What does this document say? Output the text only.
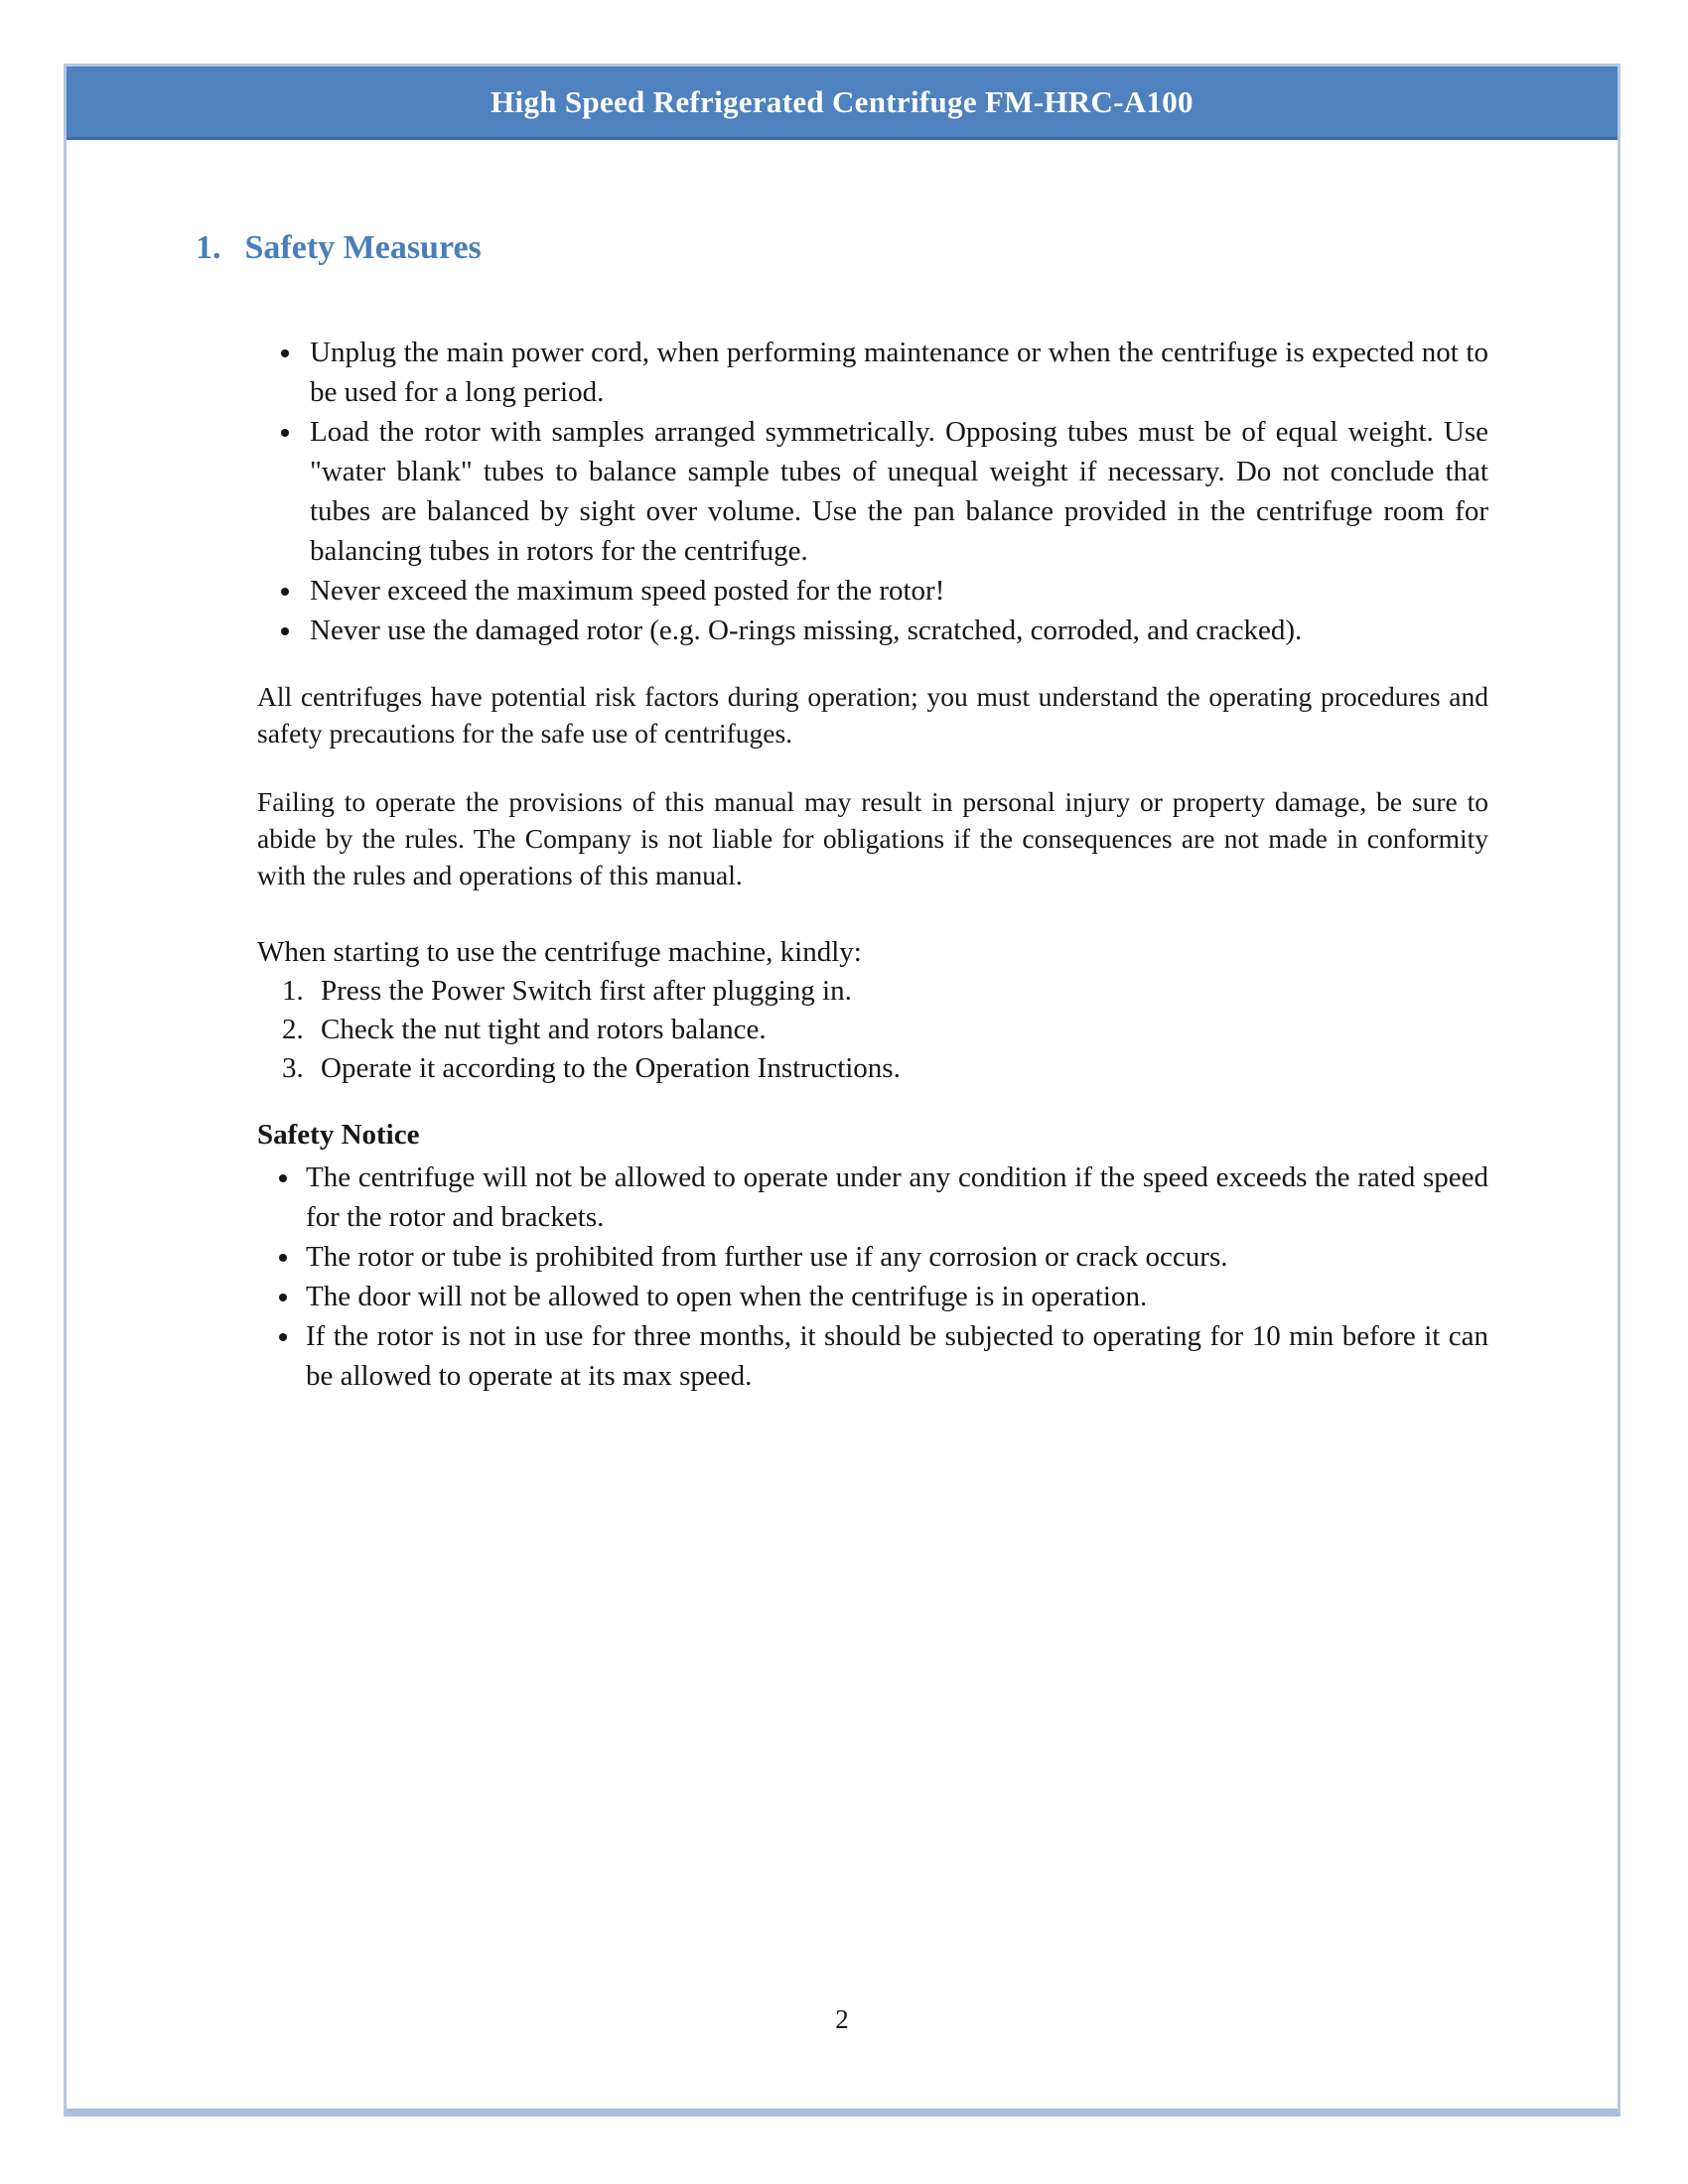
High Speed Refrigerated Centrifuge FM-HRC-A100
1. Safety Measures
• Unplug the main power cord, when performing maintenance or when the centrifuge is expected not to be used for a long period.
• Load the rotor with samples arranged symmetrically. Opposing tubes must be of equal weight. Use "water blank" tubes to balance sample tubes of unequal weight if necessary. Do not conclude that tubes are balanced by sight over volume. Use the pan balance provided in the centrifuge room for balancing tubes in rotors for the centrifuge.
• Never exceed the maximum speed posted for the rotor!
• Never use the damaged rotor (e.g. O-rings missing, scratched, corroded, and cracked).

All centrifuges have potential risk factors during operation; you must understand the operating procedures and safety precautions for the safe use of centrifuges.

Failing to operate the provisions of this manual may result in personal injury or property damage, be sure to abide by the rules. The Company is not liable for obligations if the consequences are not made in conformity with the rules and operations of this manual.

When starting to use the centrifuge machine, kindly:
1. Press the Power Switch first after plugging in.
2. Check the nut tight and rotors balance.
3. Operate it according to the Operation Instructions.
Safety Notice
• The centrifuge will not be allowed to operate under any condition if the speed exceeds the rated speed for the rotor and brackets.
• The rotor or tube is prohibited from further use if any corrosion or crack occurs.
• The door will not be allowed to open when the centrifuge is in operation.
• If the rotor is not in use for three months, it should be subjected to operating for 10 min before it can be allowed to operate at its max speed.
2
